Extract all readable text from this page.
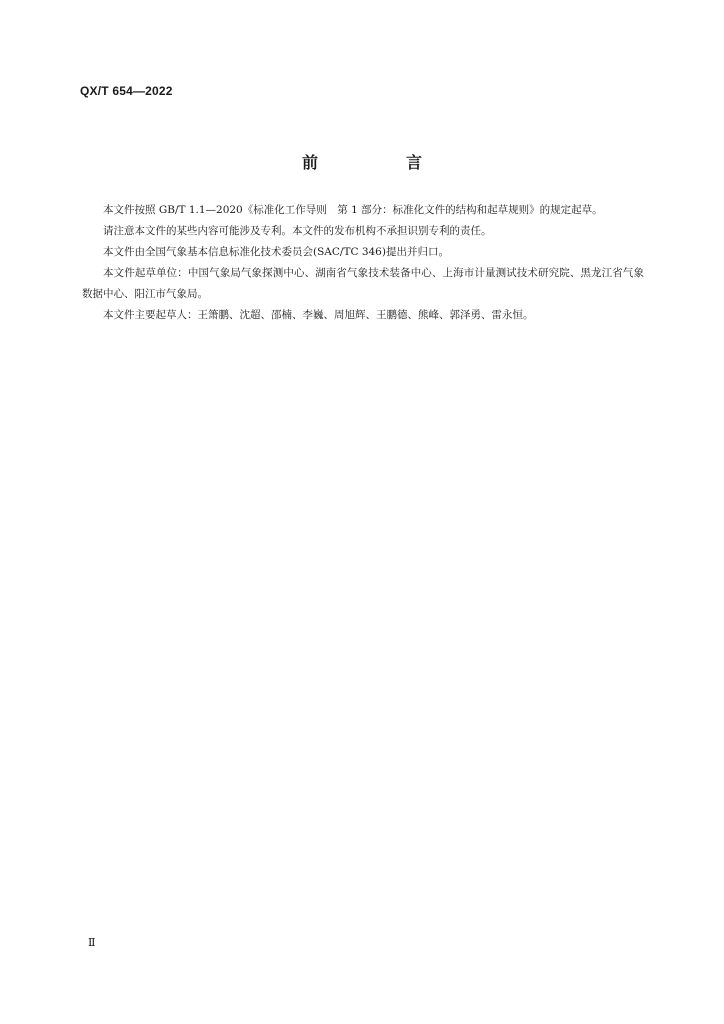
QX/T 654—2022
前　言

本文件按照 GB/T 1.1—2020《标准化工作导则　第 1 部分：标准化文件的结构和起草规则》的规定起草。

请注意本文件的某些内容可能涉及专利。本文件的发布机构不承担识别专利的责任。

本文件由全国气象基本信息标准化技术委员会(SAC/TC 346)提出并归口。

本文件起草单位：中国气象局气象探测中心、湖南省气象技术装备中心、上海市计量测试技术研究院、黑龙江省气象数据中心、阳江市气象局。

本文件主要起草人：王箫鹏、沈超、邵楠、李巍、周旭辉、王鹏德、熊峰、郭泽勇、雷永恒。

Ⅱ
